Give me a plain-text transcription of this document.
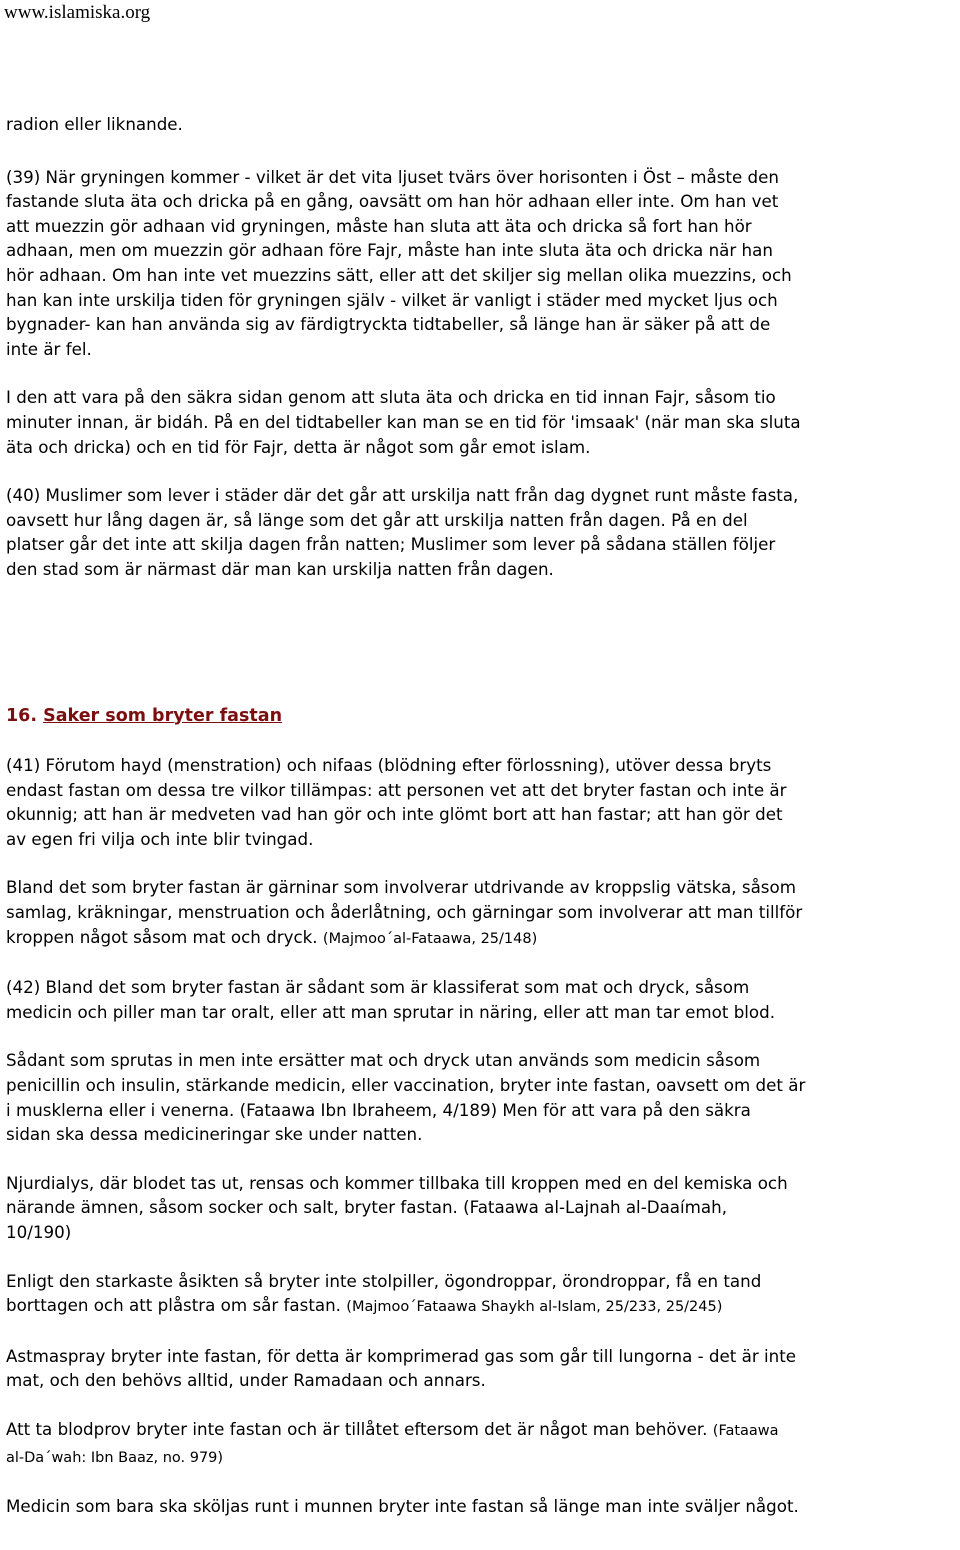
www.islamiska.org

radion eller liknande.

(39) När gryningen kommer - vilket är det vita ljuset tvärs över horisonten i Öst – måste den
fastande sluta äta och dricka på en gång, oavsätt om han hör adhaan eller inte. Om han vet
att muezzin gör adhaan vid gryningen, måste han sluta att äta och dricka så fort han hör
adhaan, men om muezzin gör adhaan före Fajr, måste han inte sluta äta och dricka när han
hör adhaan. Om han inte vet muezzins sätt, eller att det skiljer sig mellan olika muezzins, och
han kan inte urskilja tiden för gryningen själv - vilket är vanligt i städer med mycket ljus och
bygnader- kan han använda sig av färdigtryckta tidtabeller, så länge han är säker på att de
inte är fel.

I den att vara på den säkra sidan genom att sluta äta och dricka en tid innan Fajr, såsom tio
minuter innan, är bidáh. På en del tidtabeller kan man se en tid för 'imsaak' (när man ska sluta
äta och dricka) och en tid för Fajr, detta är något som går emot islam.

(40) Muslimer som lever i städer där det går att urskilja natt från dag dygnet runt måste fasta,
oavsett hur lång dagen är, så länge som det går att urskilja natten från dagen. På en del
platser går det inte att skilja dagen från natten; Muslimer som lever på sådana ställen följer
den stad som är närmast där man kan urskilja natten från dagen.

16. Saker som bryter fastan

(41) Förutom hayd (menstration) och nifaas (blödning efter förlossning), utöver dessa bryts
endast fastan om dessa tre vilkor tillämpas: att personen vet att det bryter fastan och inte är
okunnig; att han är medveten vad han gör och inte glömt bort att han fastar; att han gör det
av egen fri vilja och inte blir tvingad.

Bland det som bryter fastan är gärninar som involverar utdrivande av kroppslig vätska, såsom
samlag, kräkningar, menstruation och åderlåtning, och gärningar som involverar att man tillför
kroppen något såsom mat och dryck. (Majmoo´al-Fataawa, 25/148)

(42) Bland det som bryter fastan är sådant som är klassiferat som mat och dryck, såsom
medicin och piller man tar oralt, eller att man sprutar in näring, eller att man tar emot blod.

Sådant som sprutas in men inte ersätter mat och dryck utan används som medicin såsom
penicillin och insulin, stärkande medicin, eller vaccination, bryter inte fastan, oavsett om det är
i musklerna eller i venerna. (Fataawa Ibn Ibraheem, 4/189) Men för att vara på den säkra
sidan ska dessa medicineringar ske under natten.

Njurdialys, där blodet tas ut, rensas och kommer tillbaka till kroppen med en del kemiska och
närande ämnen, såsom socker och salt, bryter fastan. (Fataawa al-Lajnah al-Daaímah,
10/190)

Enligt den starkaste åsikten så bryter inte stolpiller, ögondroppar, örondroppar, få en tand
borttagen och att plåstra om sår fastan. (Majmoo´Fataawa Shaykh al-Islam, 25/233, 25/245)

Astmaspray bryter inte fastan, för detta är komprimerad gas som går till lungorna - det är inte
mat, och den behövs alltid, under Ramadaan och annars.

Att ta blodprov bryter inte fastan och är tillåtet eftersom det är något man behöver. (Fataawa
al-Da´wah: Ibn Baaz, no. 979)

Medicin som bara ska sköljas runt i munnen bryter inte fastan så länge man inte sväljer något.
